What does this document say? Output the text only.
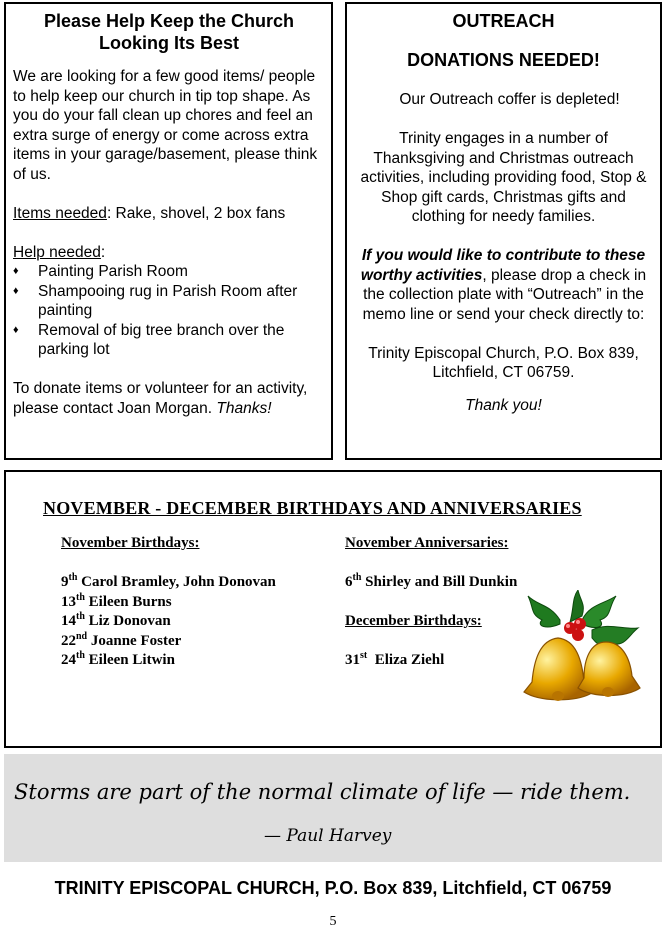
Please Help Keep the Church
Looking Its Best

We are looking for a few good items/ people to help keep our church in tip top shape. As you do your fall clean up chores and feel an extra surge of energy or come across extra items in your garage/basement, please think of us.

Items needed: Rake, shovel, 2 box fans

Help needed:
♦ Painting Parish Room
♦ Shampooing rug in Parish Room after painting
♦ Removal of big tree branch over the parking lot

To donate items or volunteer for an activity, please contact Joan Morgan. Thanks!

OUTREACH
DONATIONS NEEDED!

Our Outreach coffer is depleted!

Trinity engages in a number of Thanksgiving and Christmas outreach activities, including providing food, Stop & Shop gift cards, Christmas gifts and clothing for needy families.

If you would like to contribute to these worthy activities, please drop a check in the collection plate with “Outreach” in the memo line or send your check directly to:

Trinity Episcopal Church, P.O. Box 839, Litchfield, CT 06759.

Thank you!

NOVEMBER - DECEMBER BIRTHDAYS AND ANNIVERSARIES
November Birthdays:
9th Carol Bramley, John Donovan
13th Eileen Burns
14th Liz Donovan
22nd Joanne Foster
24th Eileen Litwin
November Anniversaries:
6th Shirley and Bill Dunkin
December Birthdays:
31st Eliza Ziehl
Storms are part of the normal climate of life — ride them.
— Paul Harvey
TRINITY EPISCOPAL CHURCH, P.O. Box 839, Litchfield, CT 06759
5
